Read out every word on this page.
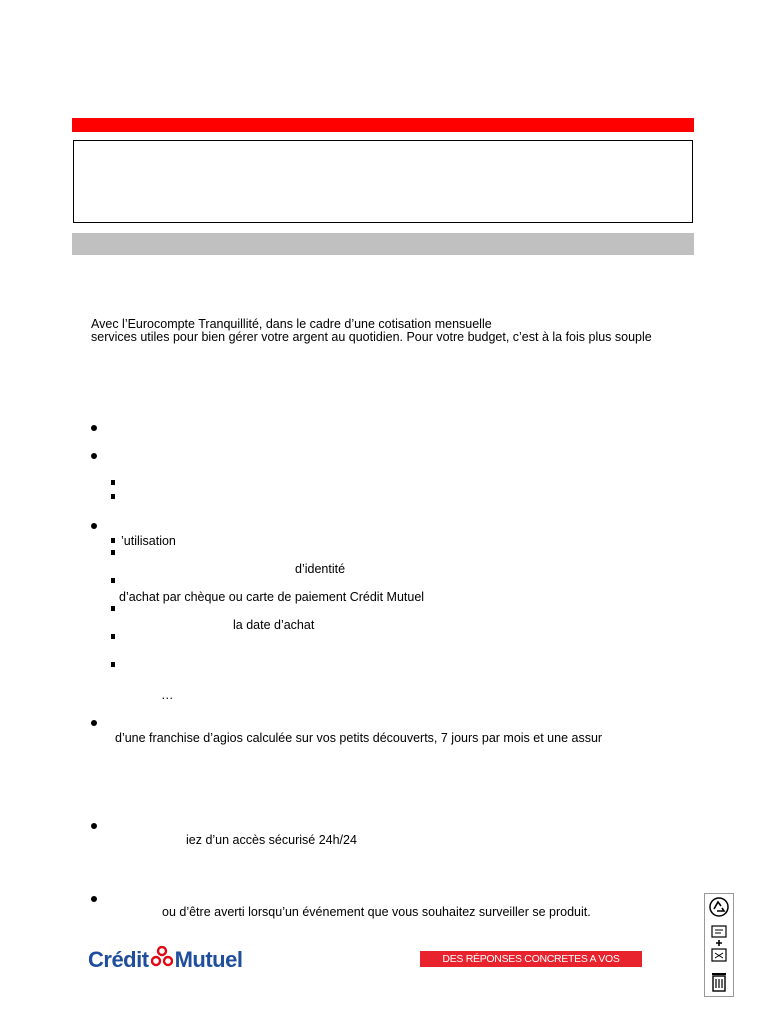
Avec l’Eurocompte Tranquillité, dans le cadre d’une cotisation mensuelle
services utiles pour bien gérer votre argent au quotidien. Pour votre budget, c’est à la fois plus souple
’utilisation
d’identité
d’achat par chèque ou carte de paiement Crédit Mutuel
la date d’achat
…
d’une franchise d’agios calculée sur vos petits découverts, 7 jours par mois et une assur
iez d’un accès sécurisé 24h/24
ou d’être averti lorsqu’un événement que vous souhaitez surveiller se produit.
Crédit Mutuel	DES RÉPONSES CONCRETES A VOS QUESTIONS
